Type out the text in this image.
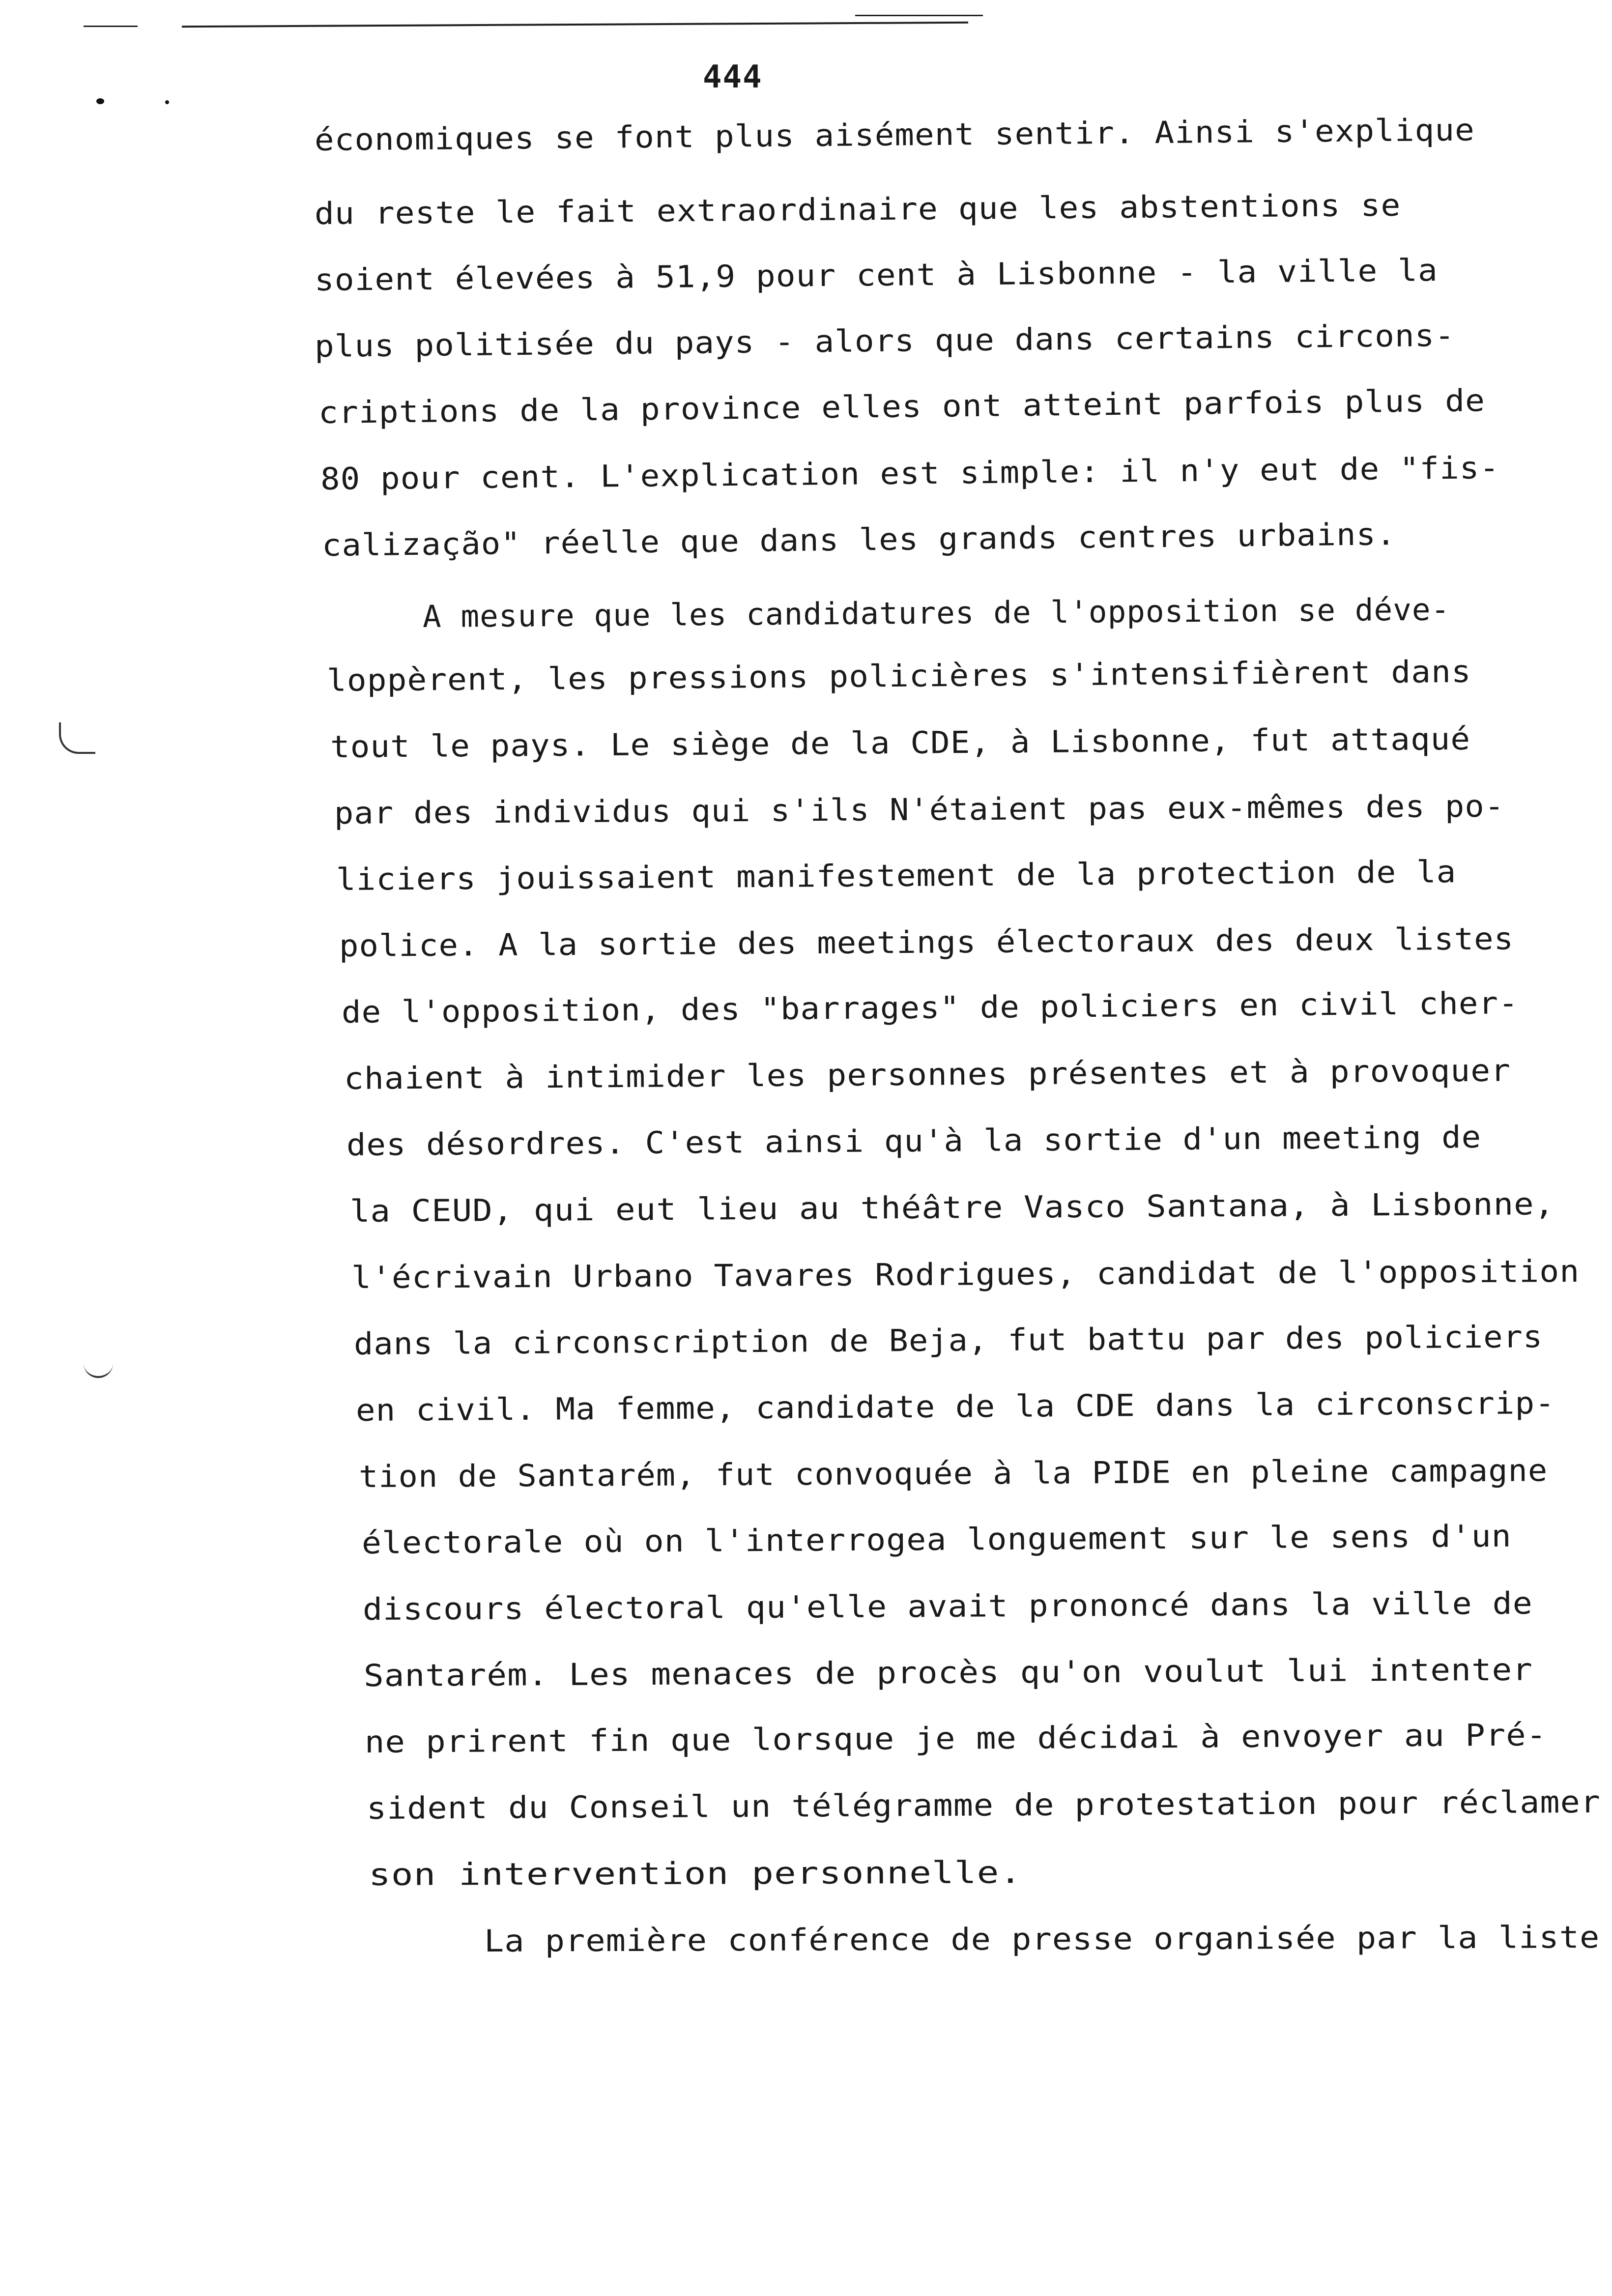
444
économiques se font plus aisément sentir. Ainsi s'explique
du reste le fait extraordinaire que les abstentions se
soient élevées à 51,9 pour cent à Lisbonne - la ville la
plus politisée du pays - alors que dans certains circons-
criptions de la province elles ont atteint parfois plus de
80 pour cent. L'explication est simple: il n'y eut de "fis-
calização" réelle que dans les grands centres urbains.
A mesure que les candidatures de l'opposition se déve-
loppèrent, les pressions policières s'intensifièrent dans
tout le pays. Le siège de la CDE, à Lisbonne, fut attaqué
par des individus qui s'ils N'étaient pas eux-mêmes des po-
liciers jouissaient manifestement de la protection de la
police. A la sortie des meetings électoraux des deux listes
de l'opposition, des "barrages" de policiers en civil cher-
chaient à intimider les personnes présentes et à provoquer
des désordres. C'est ainsi qu'à la sortie d'un meeting de
la CEUD, qui eut lieu au théâtre Vasco Santana, à Lisbonne,
l'écrivain Urbano Tavares Rodrigues, candidat de l'opposition
dans la circonscription de Beja, fut battu par des policiers
en civil. Ma femme, candidate de la CDE dans la circonscrip-
tion de Santarém, fut convoquée à la PIDE en pleine campagne
électorale où on l'interrogea longuement sur le sens d'un
discours électoral qu'elle avait prononcé dans la ville de
Santarém. Les menaces de procès qu'on voulut lui intenter
ne prirent fin que lorsque je me décidai à envoyer au Pré-
sident du Conseil un télégramme de protestation pour réclamer
son intervention personnelle.
La première conférence de presse organisée par la liste
